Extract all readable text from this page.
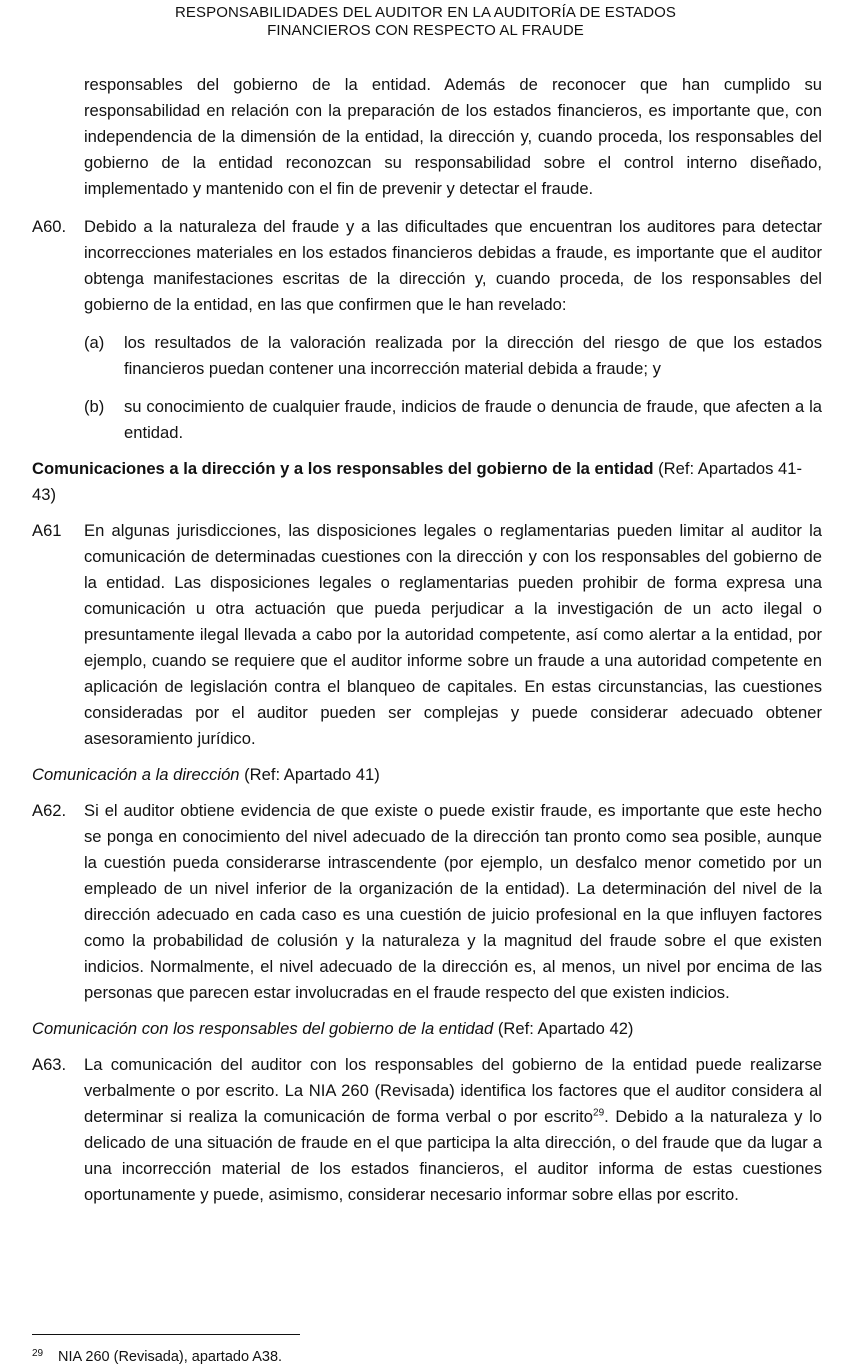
RESPONSABILIDADES DEL AUDITOR EN LA AUDITORÍA DE ESTADOS
FINANCIEROS CON RESPECTO AL FRAUDE

responsables del gobierno de la entidad. Además de reconocer que han cumplido su responsabilidad en relación con la preparación de los estados financieros, es importante que, con independencia de la dimensión de la entidad, la dirección y, cuando proceda, los responsables del gobierno de la entidad reconozcan su responsabilidad sobre el control interno diseñado, implementado y mantenido con el fin de prevenir y detectar el fraude.

A60.	Debido a la naturaleza del fraude y a las dificultades que encuentran los auditores para detectar incorrecciones materiales en los estados financieros debidas a fraude, es importante que el auditor obtenga manifestaciones escritas de la dirección y, cuando proceda, de los responsables del gobierno de la entidad, en las que confirmen que le han revelado:

(a)	los resultados de la valoración realizada por la dirección del riesgo de que los estados financieros puedan contener una incorrección material debida a fraude; y

(b)	su conocimiento de cualquier fraude, indicios de fraude o denuncia de fraude, que afecten a la entidad.

Comunicaciones a la dirección y a los responsables del gobierno de la entidad (Ref: Apartados 41-43)

A61	En algunas jurisdicciones, las disposiciones legales o reglamentarias pueden limitar al auditor la comunicación de determinadas cuestiones con la dirección y con los responsables del gobierno de la entidad. Las disposiciones legales o reglamentarias pueden prohibir de forma expresa una comunicación u otra actuación que pueda perjudicar a la investigación de un acto ilegal o presuntamente ilegal llevada a cabo por la autoridad competente, así como alertar a la entidad, por ejemplo, cuando se requiere que el auditor informe sobre un fraude a una autoridad competente en aplicación de legislación contra el blanqueo de capitales. En estas circunstancias, las cuestiones consideradas por el auditor pueden ser complejas y puede considerar adecuado obtener asesoramiento jurídico.

Comunicación a la dirección (Ref: Apartado 41)

A62.	Si el auditor obtiene evidencia de que existe o puede existir fraude, es importante que este hecho se ponga en conocimiento del nivel adecuado de la dirección tan pronto como sea posible, aunque la cuestión pueda considerarse intrascendente (por ejemplo, un desfalco menor cometido por un empleado de un nivel inferior de la organización de la entidad). La determinación del nivel de la dirección adecuado en cada caso es una cuestión de juicio profesional en la que influyen factores como la probabilidad de colusión y la naturaleza y la magnitud del fraude sobre el que existen indicios. Normalmente, el nivel adecuado de la dirección es, al menos, un nivel por encima de las personas que parecen estar involucradas en el fraude respecto del que existen indicios.

Comunicación con los responsables del gobierno de la entidad (Ref: Apartado 42)

A63.	La comunicación del auditor con los responsables del gobierno de la entidad puede realizarse verbalmente o por escrito. La NIA 260 (Revisada) identifica los factores que el auditor considera al determinar si realiza la comunicación de forma verbal o por escrito$^{29}$. Debido a la naturaleza y lo delicado de una situación de fraude en el que participa la alta dirección, o del fraude que da lugar a una incorrección material de los estados financieros, el auditor informa de estas cuestiones oportunamente y puede, asimismo, considerar necesario informar sobre ellas por escrito.

29	NIA 260 (Revisada), apartado A38.
